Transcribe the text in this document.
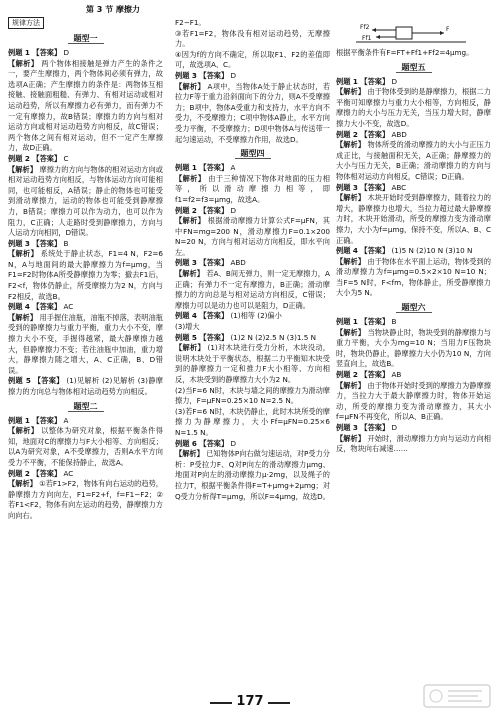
第 3 节 摩擦力
规律方法
题型一

例题 1 【答案】 D

【解析】 两个物体相接触是弹力产生的条件之一，要产生摩擦力，两个物体间必须有弹力，故选项A正确；产生摩擦力的条件是：两物体互相接触、接触面粗糙、有弹力、有相对运动或相对运动趋势，所以有摩擦力必有弹力，而有弹力不一定有摩擦力，故B错误；摩擦力的方向与相对运动方向或相对运动趋势方向相反，故C错误；两个物体之间有相对运动，但不一定产生摩擦力，故D正确。

例题 2 【答案】 C

【解析】 摩擦力的方向与物体的相对运动方向或相对运动趋势方向相反，与物体运动方向可能相同，也可能相反，A错误；静止的物体也可能受到滑动摩擦力，运动的物体也可能受到静摩擦力，B错误；摩擦力可以作为动力，也可以作为阻力，C正确；人走路时受到静摩擦力，方向与人运动方向相同，D错误。

例题 3 【答案】 B

【解析】 系统处于静止状态，F1=4 N，F2=6 N，A与地面间的最大静摩擦力为f=μmg，当F1=F2时物体A所受静摩擦力为零；撤去F1后，F2<f，物体仍静止，所受摩擦力为2 N，方向与F2相反，故选B。

例题 4 【答案】 AC

【解析】 用手握住油瓶，油瓶不掉落，表明油瓶受到的静摩擦力与重力平衡，重力大小不变，摩擦力大小不变，手握得越紧，最大静摩擦力越大，但静摩擦力不变；若往油瓶中加油，重力增大，静摩擦力随之增大，A、C正确，B、D错误。

例题 5 【答案】 (1)见解析 (2)见解析 (3)静摩擦力的方向总与物体相对运动趋势方向相反。

题型二

例题 1 【答案】 A

【解析】 以整体为研究对象，根据平衡条件得知，地面对C的摩擦力与F大小相等、方向相反；以A为研究对象，A不受摩擦力，否则A水平方向受力不平衡，不能保持静止，故选A。

例题 2 【答案】 AC

【解析】 ①若F1>F2，物体有向右运动的趋势，静摩擦力方向向左，F1=F2+f，f=F1−F2；②若F1<F2，物体有向左运动的趋势，静摩擦力方向向右。

F2−F1。

③若F1=F2，物体没有相对运动趋势，无摩擦力。

④因为f的方向不确定，所以取F1、F2的差值即可，故选项A、C。

例题 3 【答案】 D

【解析】 A项中，当物体A处于静止状态时，若拉力F等于重力沿斜面向下的分力，则A不受摩擦力；B项中，物体A受重力和支持力，水平方向不受力，不受摩擦力；C项中物体A静止，水平方向受力平衡，不受摩擦力；D项中物体A与传送带一起匀速运动，不受摩擦力作用，故选D。

题型四

例题 1 【答案】 A

【解析】 由于三种情况下物体对地面的压力相等，所以滑动摩擦力相等，即f1=f2=f3=μmg，故选A。

例题 2 【答案】 D

【解析】 根据滑动摩擦力计算公式F=μFN，其中FN=mg=200 N，滑动摩擦力F=0.1×200 N=20 N，方向与相对运动方向相反，即水平向左。

例题 3 【答案】 ABD

【解析】 若A、B间无弹力，则一定无摩擦力，A正确；有弹力不一定有摩擦力，B正确；滑动摩擦力的方向总是与相对运动方向相反，C错误；摩擦力可以是动力也可以是阻力，D正确。

例题 4 【答案】 (1)相等 (2)偏小

(3)增大

例题 5 【答案】 (1)2 N (2)2.5 N (3)1.5 N

【解析】 (1)对木块进行受力分析，木块没动，说明木块处于平衡状态，根据二力平衡知木块受到的静摩擦力一定和推力F大小相等、方向相反，木块受到的静摩擦力大小为2 N。

(2)当F=6 N时，木块与墙之间的摩擦力为滑动摩擦力，F=μFN=0.25×10 N=2.5 N。

(3)若F=6 N时，木块仍静止，此时木块所受的摩擦力为静摩擦力，大小Ff=μFN=0.25×6 N=1.5 N。

例题 6 【答案】 D

【解析】 已知物体P向右做匀速运动，对P受力分析：P受拉力F、Q对P向左的滑动摩擦力μmg、地面对P向左的滑动摩擦力μ·2mg，以及绳子的拉力T，根据平衡条件得F=T+μmg+2μmg；对Q受力分析得T=μmg，所以F=4μmg，故选D。

Ff2	F
Ff1

根据平衡条件有F=FT+Ff1+Ff2=4μmg。

题型五

例题 1 【答案】 D

【解析】 由于物体受到的是静摩擦力，根据二力平衡可知摩擦力与重力大小相等，方向相反，静摩擦力的大小与压力无关，当压力增大时，静摩擦力大小不变，故选D。

例题 2 【答案】 ABD

【解析】 物体所受的滑动摩擦力的大小与正压力成正比，与接触面积无关，A正确；静摩擦力的大小与压力无关，B正确；滑动摩擦力的方向与物体相对运动方向相反，C错误；D正确。

例题 3 【答案】 ABC

【解析】 木块开始时受到静摩擦力，随着拉力的增大，静摩擦力也增大，当拉力超过最大静摩擦力时，木块开始滑动，所受的摩擦力变为滑动摩擦力，大小为f=μmg，保持不变，所以A、B、C正确。

例题 4 【答案】 (1)5 N (2)10 N (3)10 N

【解析】 由于物体在水平面上运动，物体受到的滑动摩擦力为f=μmg=0.5×2×10 N=10 N；当F=5 N时，F<fm，物体静止，所受静摩擦力大小为5 N。

题型六

例题 1 【答案】 B

【解析】 当物块静止时，物块受到的静摩擦力与重力平衡，大小为mg=10 N；当用力F压物块时，物块仍静止，静摩擦力大小仍为10 N，方向竖直向上，故选B。

例题 2 【答案】 AB

【解析】 由于物体开始时受到的摩擦力为静摩擦力，当拉力大于最大静摩擦力时，物体开始运动，所受的摩擦力变为滑动摩擦力，其大小f=μFN不再变化，所以A、B正确。

例题 3 【答案】 D

【解析】 开始时，滑动摩擦力方向与运动方向相反，物块向右减速……

177
